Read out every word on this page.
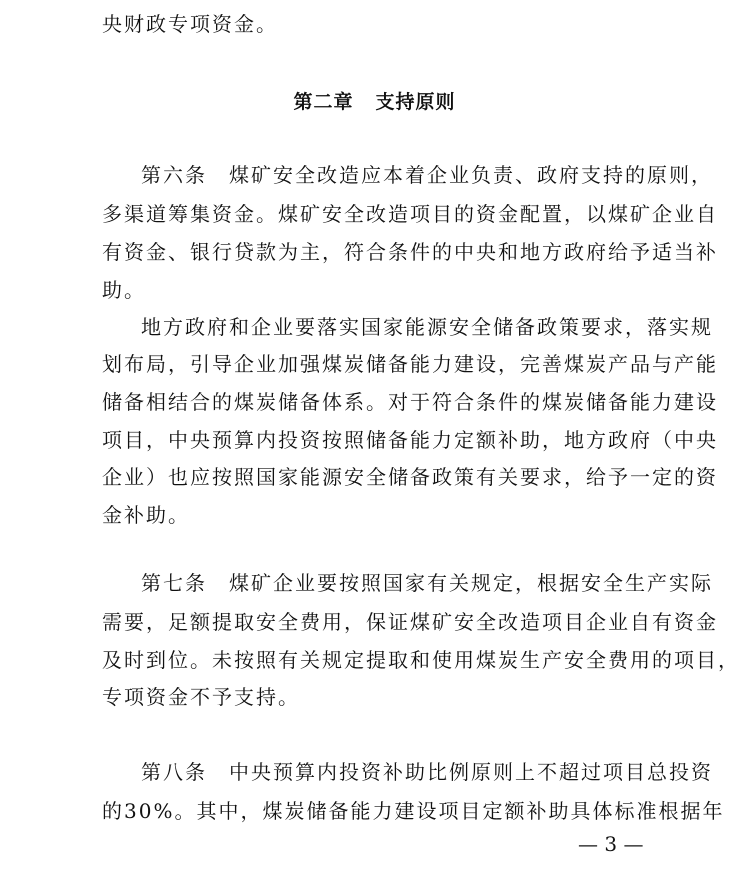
央财政专项资金。
第二章 支持原则
第六条　煤矿安全改造应本着企业负责、政府支持的原则，
多渠道筹集资金。煤矿安全改造项目的资金配置，以煤矿企业自
有资金、银行贷款为主，符合条件的中央和地方政府给予适当补
助。
地方政府和企业要落实国家能源安全储备政策要求，落实规
划布局，引导企业加强煤炭储备能力建设，完善煤炭产品与产能
储备相结合的煤炭储备体系。对于符合条件的煤炭储备能力建设
项目，中央预算内投资按照储备能力定额补助，地方政府（中央
企业）也应按照国家能源安全储备政策有关要求，给予一定的资
金补助。
第七条　煤矿企业要按照国家有关规定，根据安全生产实际
需要，足额提取安全费用，保证煤矿安全改造项目企业自有资金
及时到位。未按照有关规定提取和使用煤炭生产安全费用的项目，
专项资金不予支持。
第八条　中央预算内投资补助比例原则上不超过项目总投资
的30%。其中，煤炭储备能力建设项目定额补助具体标准根据年
— 3 —
